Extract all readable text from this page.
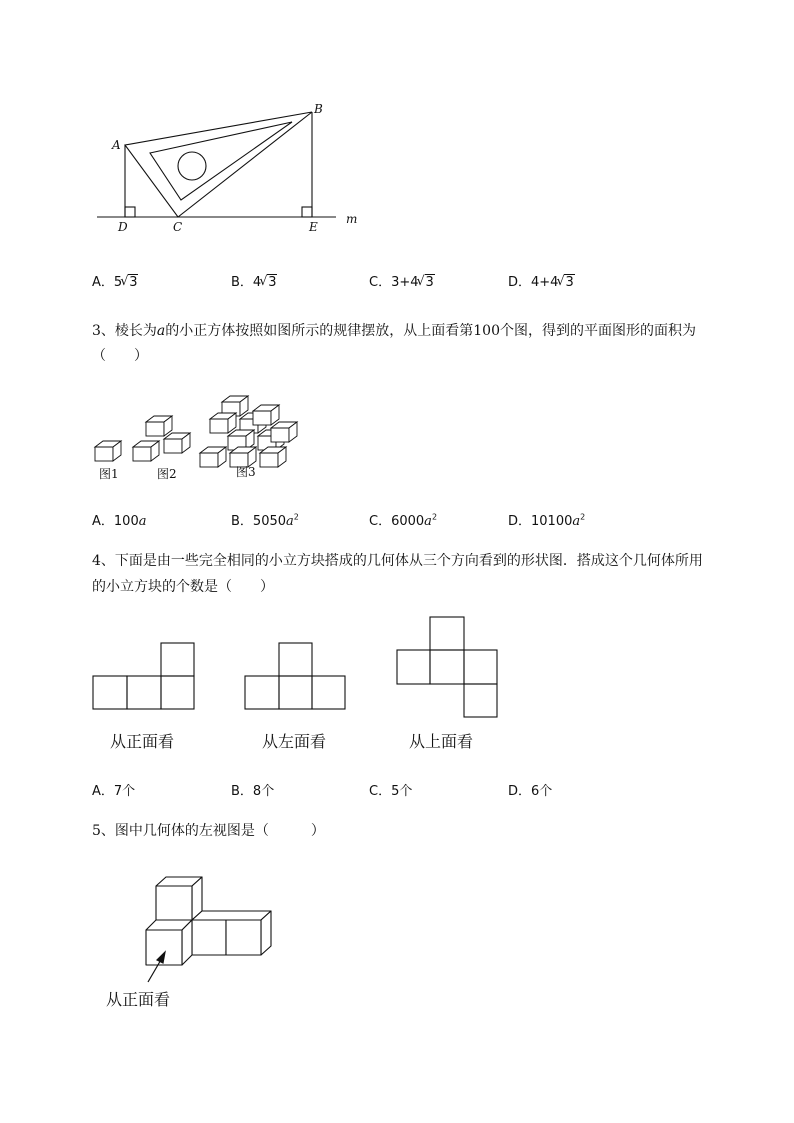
A
B
C
D	E
m
A．5 √ 3	B．4 √ 3	C．3+4 √ 3	D．4+4 √ 3
3、棱长为a的小正方体按照如图所示的规律摆放，从上面看第100个图，得到的平面图形的面积为
（　　）
图1	图2	图3
A．100a	B．$5050a^2$	C．$6000a^2$	D．$10100a^2$
4、下面是由一些完全相同的小立方块搭成的几何体从三个方向看到的形状图．搭成这个几何体所用
的小立方块的个数是（　　）
从正面看	从左面看	从上面看
A．7个	B．8个	C．5个	D．6个
5、图中几何体的左视图是（　　　）
从正面看
